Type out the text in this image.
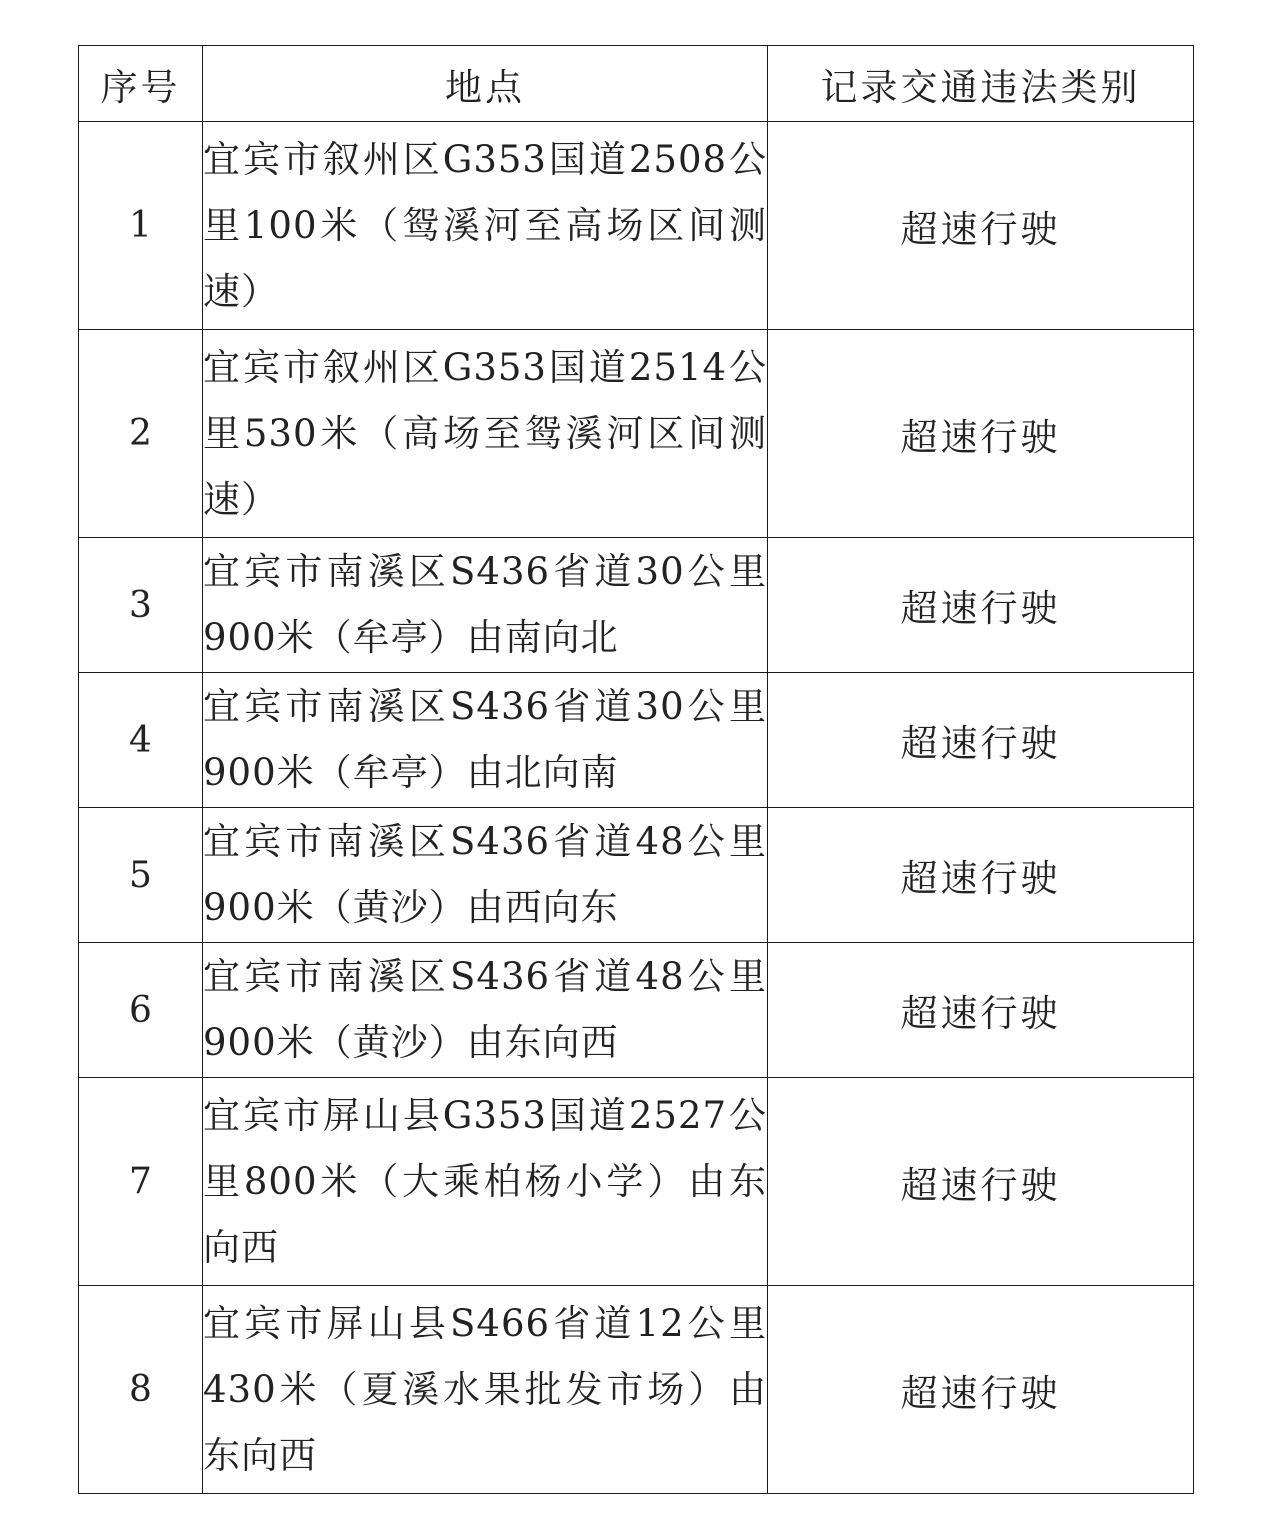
序号	地点	记录交通违法类别
1	宜宾市叙州区G353国道2508公里100米（鸳溪河至高场区间测速）	超速行驶
2	宜宾市叙州区G353国道2514公里530米（高场至鸳溪河区间测速）	超速行驶
3	宜宾市南溪区S436省道30公里900米（牟亭）由南向北	超速行驶
4	宜宾市南溪区S436省道30公里900米（牟亭）由北向南	超速行驶
5	宜宾市南溪区S436省道48公里900米（黄沙）由西向东	超速行驶
6	宜宾市南溪区S436省道48公里900米（黄沙）由东向西	超速行驶
7	宜宾市屏山县G353国道2527公里800米（大乘柏杨小学）由东向西	超速行驶
8	宜宾市屏山县S466省道12公里430米（夏溪水果批发市场）由东向西	超速行驶
